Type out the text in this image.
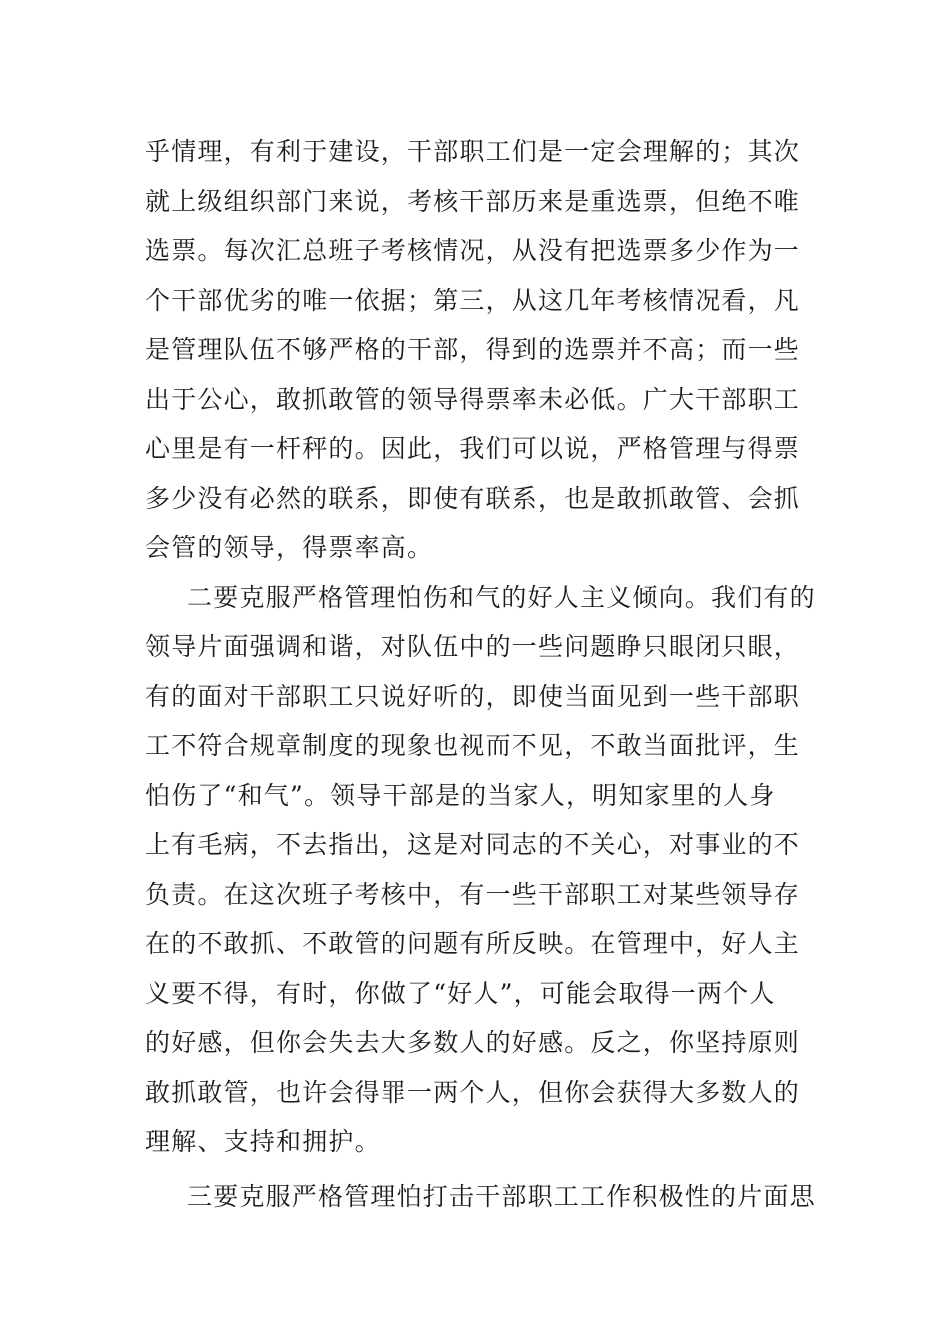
乎情理，有利于建设，干部职工们是一定会理解的；其次
就上级组织部门来说，考核干部历来是重选票，但绝不唯
选票。每次汇总班子考核情况，从没有把选票多少作为一
个干部优劣的唯一依据；第三，从这几年考核情况看，凡
是管理队伍不够严格的干部，得到的选票并不高；而一些
出于公心，敢抓敢管的领导得票率未必低。广大干部职工
心里是有一杆秤的。因此，我们可以说，严格管理与得票
多少没有必然的联系，即使有联系，也是敢抓敢管、会抓
会管的领导，得票率高。
二要克服严格管理怕伤和气的好人主义倾向。我们有的
领导片面强调和谐，对队伍中的一些问题睁只眼闭只眼，
有的面对干部职工只说好听的，即使当面见到一些干部职
工不符合规章制度的现象也视而不见，不敢当面批评，生
怕伤了“和气”。领导干部是的当家人，明知家里的人身
上有毛病，不去指出，这是对同志的不关心，对事业的不
负责。在这次班子考核中，有一些干部职工对某些领导存
在的不敢抓、不敢管的问题有所反映。在管理中，好人主
义要不得，有时，你做了“好人”，可能会取得一两个人
的好感，但你会失去大多数人的好感。反之，你坚持原则
敢抓敢管，也许会得罪一两个人，但你会获得大多数人的
理解、支持和拥护。
三要克服严格管理怕打击干部职工工作积极性的片面思
